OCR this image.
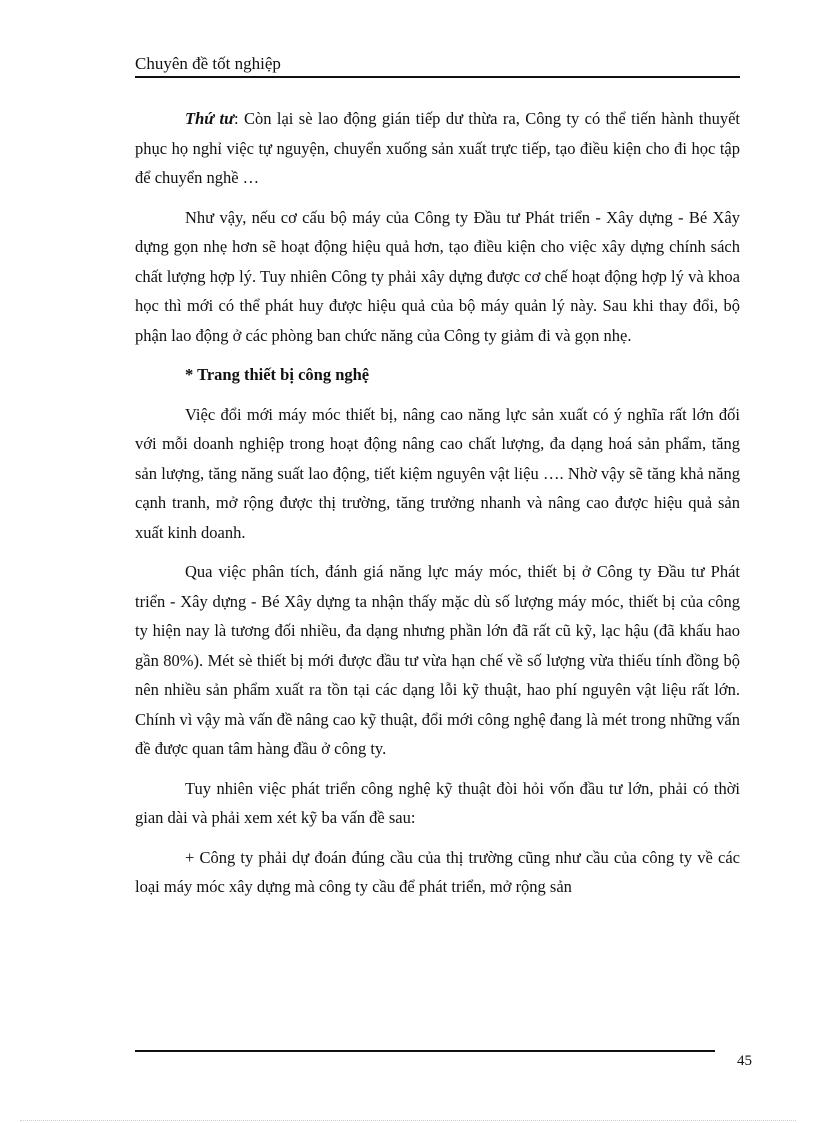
Chuyên đề tốt nghiệp

Thứ tư: Còn lại sè lao động gián tiếp dư thừa ra, Công ty có thể tiến hành thuyết phục họ nghỉ việc tự nguyện, chuyển xuống sản xuất trực tiếp, tạo điều kiện cho đi học tập để chuyển nghề …

Như vậy, nếu cơ cấu bộ máy của Công ty Đầu tư Phát triển - Xây dựng - Bé Xây dựng gọn nhẹ hơn sẽ hoạt động hiệu quả hơn, tạo điều kiện cho việc xây dựng chính sách chất lượng hợp lý. Tuy nhiên Công ty phải xây dựng được cơ chế hoạt động hợp lý và khoa học thì mới có thể phát huy được hiệu quả của bộ máy quản lý này. Sau khi thay đổi, bộ phận lao động ở các phòng ban chức năng của Công ty giảm đi và gọn nhẹ.

* Trang thiết bị công nghệ

Việc đổi mới máy móc thiết bị, nâng cao năng lực sản xuất có ý nghĩa rất lớn đối với mỗi doanh nghiệp trong hoạt động nâng cao chất lượng, đa dạng hoá sản phẩm, tăng sản lượng, tăng năng suất lao động, tiết kiệm nguyên vật liệu …. Nhờ vậy sẽ tăng khả năng cạnh tranh, mở rộng được thị trường, tăng trưởng nhanh và nâng cao được hiệu quả sản xuất kinh doanh.

Qua việc phân tích, đánh giá năng lực máy móc, thiết bị ở Công ty Đầu tư Phát triển - Xây dựng - Bé Xây dựng ta nhận thấy mặc dù số lượng máy móc, thiết bị của công ty hiện nay là tương đối nhiều, đa dạng nhưng phần lớn đã rất cũ kỹ, lạc hậu (đã khấu hao gần 80%). Mét sè thiết bị mới được đầu tư vừa hạn chế về số lượng vừa thiếu tính đồng bộ nên nhiều sản phẩm xuất ra tồn tại các dạng lỗi kỹ thuật, hao phí nguyên vật liệu rất lớn. Chính vì vậy mà vấn đề nâng cao kỹ thuật, đổi mới công nghệ đang là mét trong những vấn đề được quan tâm hàng đầu ở công ty.

Tuy nhiên việc phát triển công nghệ kỹ thuật đòi hỏi vốn đầu tư lớn, phải có thời gian dài và phải xem xét kỹ ba vấn đề sau:

+ Công ty phải dự đoán đúng cầu của thị trường cũng như cầu của công ty về các loại máy móc xây dựng mà công ty cầu để phát triển, mở rộng sản

45
